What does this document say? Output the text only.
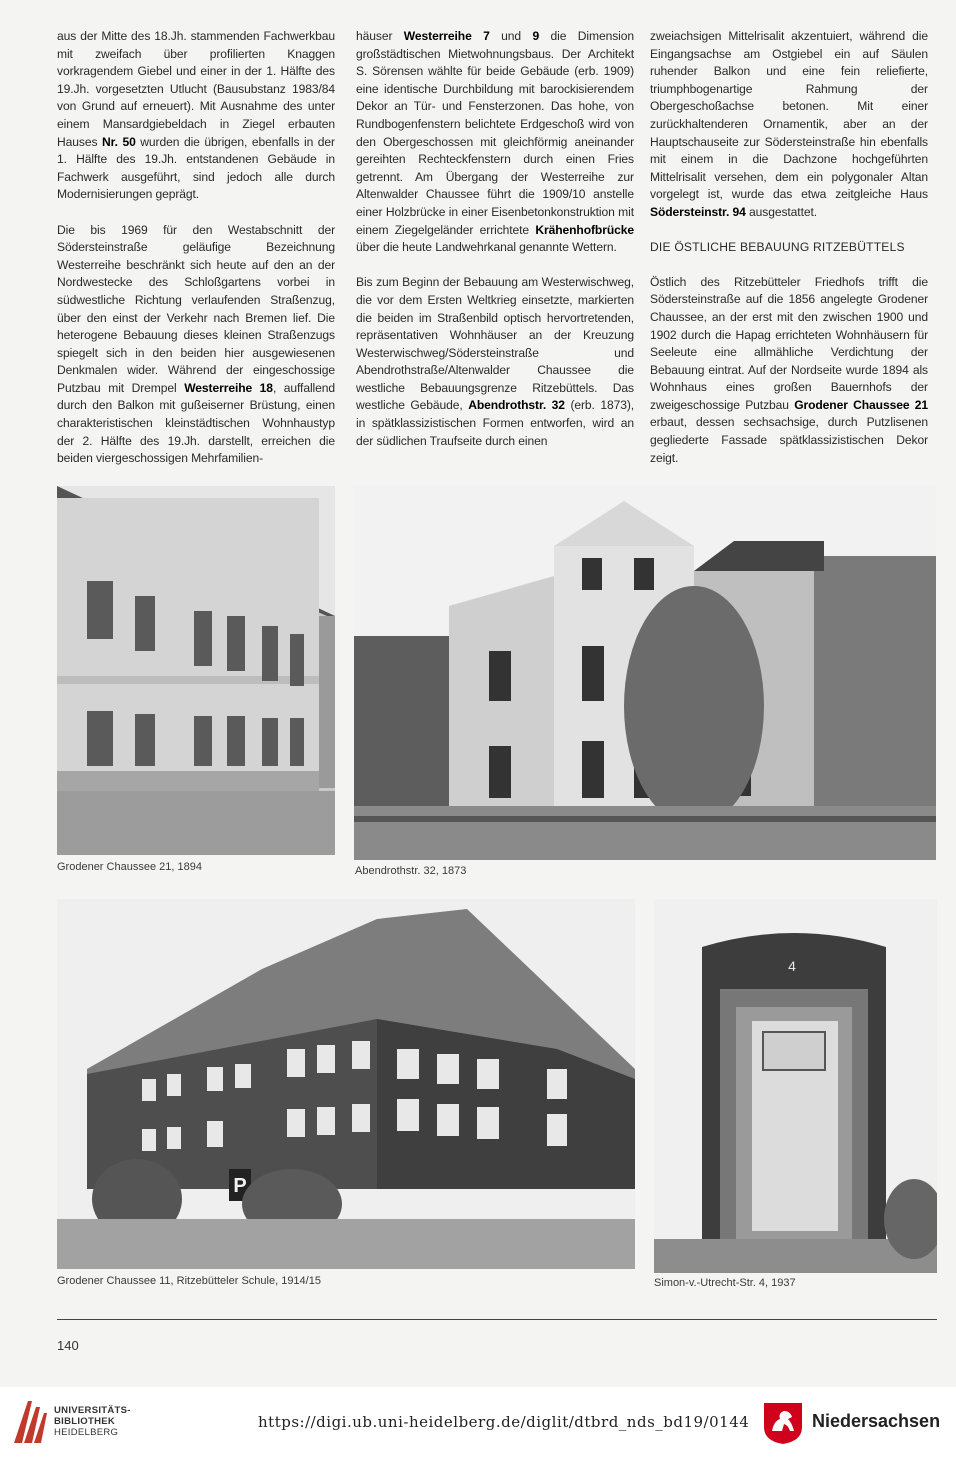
aus der Mitte des 18.Jh. stammenden Fachwerkbau mit zweifach über profilierten Knaggen vorkragendem Giebel und einer in der 1. Hälfte des 19.Jh. vorgesetzten Utlucht (Bausubstanz 1983/84 von Grund auf erneuert). Mit Ausnahme des unter einem Mansardgiebeldach in Ziegel erbauten Hauses Nr. 50 wurden die übrigen, ebenfalls in der 1. Hälfte des 19.Jh. entstandenen Gebäude in Fachwerk ausgeführt, sind jedoch alle durch Modernisierungen geprägt.

Die bis 1969 für den Westabschnitt der Södersteinstraße geläufige Bezeichnung Westerreihe beschränkt sich heute auf den an der Nordwestecke des Schloßgartens vorbei in südwestliche Richtung verlaufenden Straßenzug, über den einst der Verkehr nach Bremen lief. Die heterogene Bebauung dieses kleinen Straßenzugs spiegelt sich in den beiden hier ausgewiesenen Denkmalen wider. Während der eingeschossige Putzbau mit Drempel Westerreihe 18, auffallend durch den Balkon mit gußeiserner Brüstung, einen charakteristischen kleinstädtischen Wohnhaustyp der 2. Hälfte des 19.Jh. darstellt, erreichen die beiden viergeschossigen Mehrfamilien-

häuser Westerreihe 7 und 9 die Dimension großstädtischen Mietwohnungsbaus. Der Architekt S. Sörensen wählte für beide Gebäude (erb. 1909) eine identische Durchbildung mit barockisierendem Dekor an Tür- und Fensterzonen. Das hohe, von Rundbogenfenstern belichtete Erdgeschoß wird von den Obergeschossen mit gleichförmig aneinander gereihten Rechteckfenstern durch einen Fries getrennt. Am Übergang der Westerreihe zur Altenwalder Chaussee führt die 1909/10 anstelle einer Holzbrücke in einer Eisenbetonkonstruktion mit einem Ziegelgeländer errichtete Krähenhofbrücke über die heute Landwehrkanal genannte Wettern.

Bis zum Beginn der Bebauung am Westerwischweg, die vor dem Ersten Weltkrieg einsetzte, markierten die beiden im Straßenbild optisch hervortretenden, repräsentativen Wohnhäuser an der Kreuzung Westerwischweg/Södersteinstraße und Abendrothstraße/Altenwalder Chaussee die westliche Bebauungsgrenze Ritzebüttels. Das westliche Gebäude, Abendrothstr. 32 (erb. 1873), in spätklassizistischen Formen entworfen, wird an der südlichen Traufseite durch einen

zweiachsigen Mittelrisalit akzentuiert, während die Eingangsachse am Ostgiebel ein auf Säulen ruhender Balkon und eine fein reliefierte, triumphbogenartige Rahmung der Obergeschoßachse betonen. Mit einer zurückhaltenderen Ornamentik, aber an der Hauptschauseite zur Södersteinstraße hin ebenfalls mit einem in die Dachzone hochgeführten Mittelrisalit versehen, dem ein polygonaler Altan vorgelegt ist, wurde das etwa zeitgleiche Haus Södersteinstr. 94 ausgestattet.

DIE ÖSTLICHE BEBAUUNG RITZEBÜTTELS

Östlich des Ritzebütteler Friedhofs trifft die Södersteinstraße auf die 1856 angelegte Grodener Chaussee, an der erst mit den zwischen 1900 und 1902 durch die Hapag errichteten Wohnhäusern für Seeleute eine allmähliche Verdichtung der Bebauung eintrat. Auf der Nordseite wurde 1894 als Wohnhaus eines großen Bauernhofs der zweigeschossige Putzbau Grodener Chaussee 21 erbaut, dessen sechsachsige, durch Putzlisenen gegliederte Fassade spätklassizistischen Dekor zeigt.

Grodener Chaussee 21, 1894	Abendrothstr. 32, 1873
P
Grodener Chaussee 11, Ritzebütteler Schule, 1914/15
4
Simon-v.-Utrecht-Str. 4, 1937
140
UNIVERSITÄTS-
BIBLIOTHEK
HEIDELBERG
https://digi.ub.uni-heidelberg.de/diglit/dtbrd_nds_bd19/0144	Niedersachsen
